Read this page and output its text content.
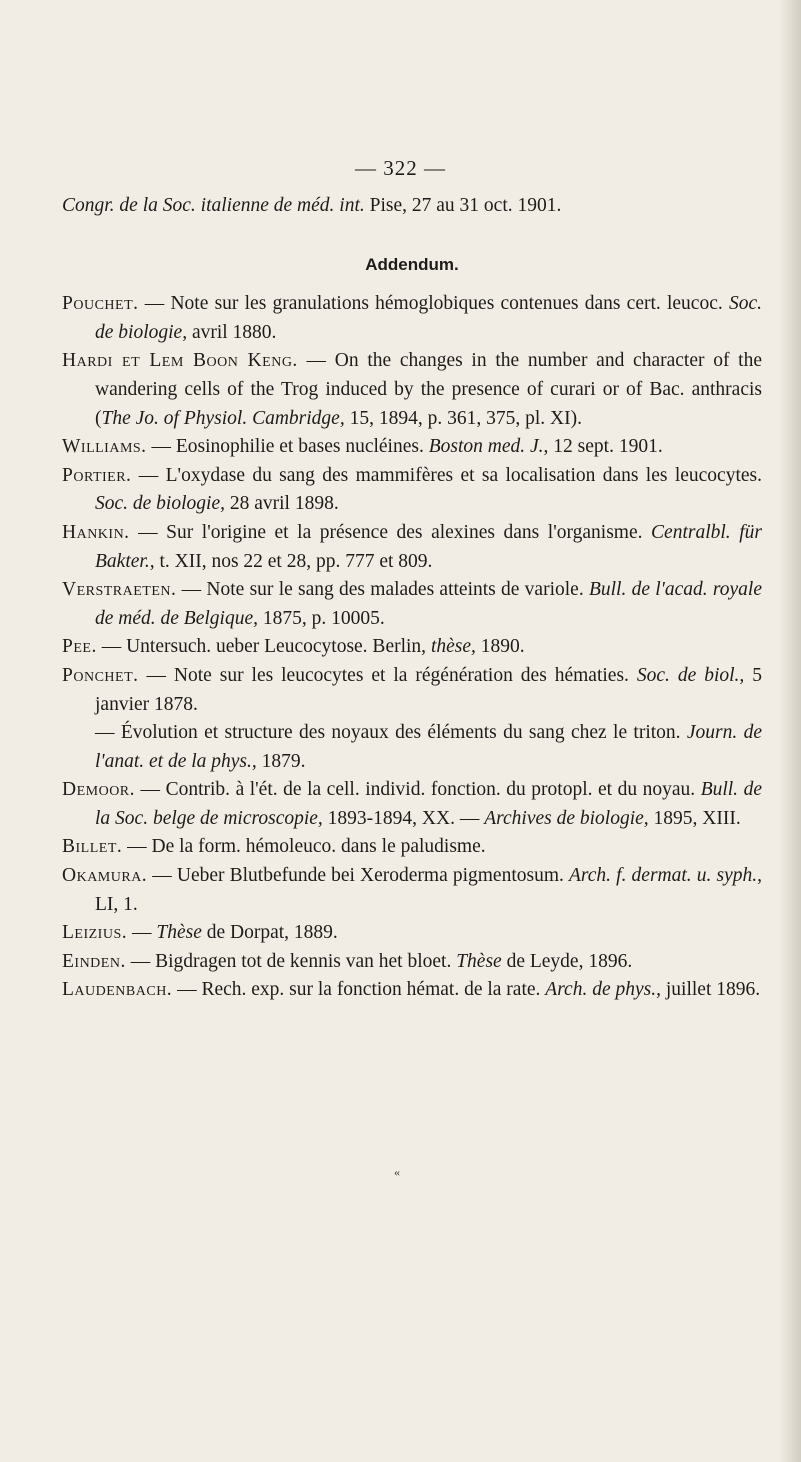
— 322 —

Congr. de la Soc. italienne de méd. int. Pise, 27 au 31 oct. 1901.

Addendum.

Pouchet. — Note sur les granulations hémoglobiques contenues dans cert. leucoc. Soc. de biologie, avril 1880.

Hardi et Lem Boon Keng. — On the changes in the number and character of the wandering cells of the Trog induced by the presence of curari or of Bac. anthracis (The Jo. of Physiol. Cambridge, 15, 1894, p. 361, 375, pl. XI).

Williams. — Eosinophilie et bases nucléines. Boston med. J., 12 sept. 1901.

Portier. — L'oxydase du sang des mammifères et sa localisation dans les leucocytes. Soc. de biologie, 28 avril 1898.

Hankin. — Sur l'origine et la présence des alexines dans l'organisme. Centralbl. für Bakter., t. XII, nos 22 et 28, pp. 777 et 809.

Verstraeten. — Note sur le sang des malades atteints de variole. Bull. de l'acad. royale de méd. de Belgique, 1875, p. 10005.

Pee. — Untersuch. ueber Leucocytose. Berlin, thèse, 1890.

Ponchet. — Note sur les leucocytes et la régénération des hématies. Soc. de biol., 5 janvier 1878.

— Évolution et structure des noyaux des éléments du sang chez le triton. Journ. de l'anat. et de la phys., 1879.

Demoor. — Contrib. à l'ét. de la cell. individ. fonction. du protopl. et du noyau. Bull. de la Soc. belge de microscopie, 1893-1894, XX. — Archives de biologie, 1895, XIII.

Billet. — De la form. hémoleuco. dans le paludisme.

Okamura. — Ueber Blutbefunde bei Xeroderma pigmentosum. Arch. f. dermat. u. syph., LI, 1.

Leizius. — Thèse de Dorpat, 1889.

Einden. — Bigdragen tot de kennis van het bloet. Thèse de Leyde, 1896.

Laudenbach. — Rech. exp. sur la fonction hémat. de la rate. Arch. de phys., juillet 1896.

«
